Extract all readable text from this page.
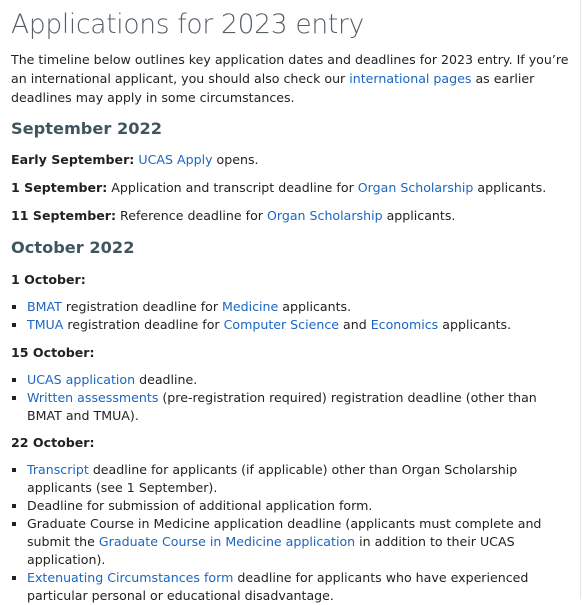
Applications for 2023 entry

The timeline below outlines key application dates and deadlines for 2023 entry. If you’re an international applicant, you should also check our international pages as earlier deadlines may apply in some circumstances.

September 2022

Early September: UCAS Apply opens.

1 September: Application and transcript deadline for Organ Scholarship applicants.

11 September: Reference deadline for Organ Scholarship applicants.

October 2022

1 October:

BMAT registration deadline for Medicine applicants.
TMUA registration deadline for Computer Science and Economics applicants.

15 October:

UCAS application deadline.
Written assessments (pre-registration required) registration deadline (other than BMAT and TMUA).

22 October:

Transcript deadline for applicants (if applicable) other than Organ Scholarship applicants (see 1 September).
Deadline for submission of additional application form.
Graduate Course in Medicine application deadline (applicants must complete and submit the Graduate Course in Medicine application in addition to their UCAS application).
Extenuating Circumstances form deadline for applicants who have experienced particular personal or educational disadvantage.
